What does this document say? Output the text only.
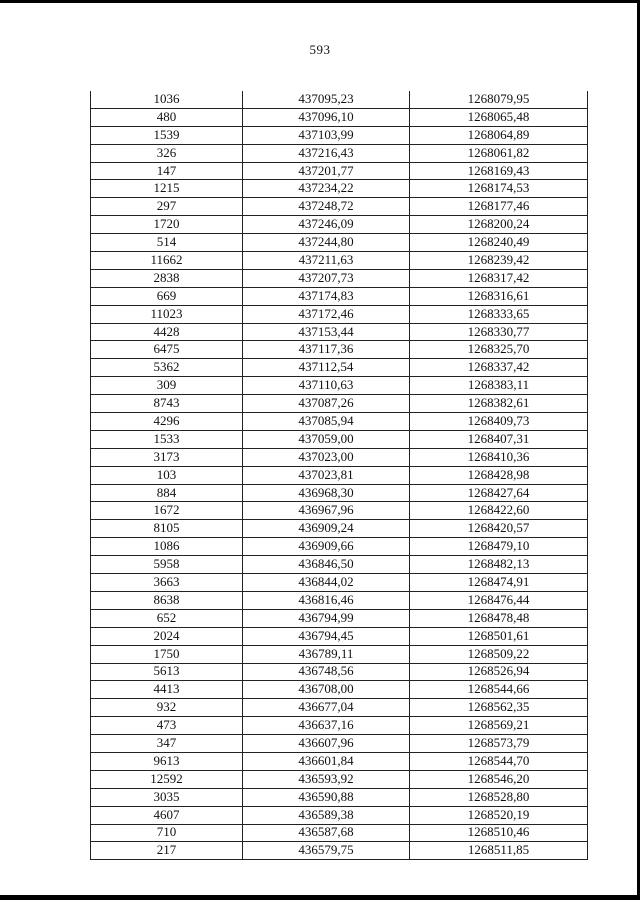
593
1036	437095,23	1268079,95
480	437096,10	1268065,48
1539	437103,99	1268064,89
326	437216,43	1268061,82
147	437201,77	1268169,43
1215	437234,22	1268174,53
297	437248,72	1268177,46
1720	437246,09	1268200,24
514	437244,80	1268240,49
11662	437211,63	1268239,42
2838	437207,73	1268317,42
669	437174,83	1268316,61
11023	437172,46	1268333,65
4428	437153,44	1268330,77
6475	437117,36	1268325,70
5362	437112,54	1268337,42
309	437110,63	1268383,11
8743	437087,26	1268382,61
4296	437085,94	1268409,73
1533	437059,00	1268407,31
3173	437023,00	1268410,36
103	437023,81	1268428,98
884	436968,30	1268427,64
1672	436967,96	1268422,60
8105	436909,24	1268420,57
1086	436909,66	1268479,10
5958	436846,50	1268482,13
3663	436844,02	1268474,91
8638	436816,46	1268476,44
652	436794,99	1268478,48
2024	436794,45	1268501,61
1750	436789,11	1268509,22
5613	436748,56	1268526,94
4413	436708,00	1268544,66
932	436677,04	1268562,35
473	436637,16	1268569,21
347	436607,96	1268573,79
9613	436601,84	1268544,70
12592	436593,92	1268546,20
3035	436590,88	1268528,80
4607	436589,38	1268520,19
710	436587,68	1268510,46
217	436579,75	1268511,85
